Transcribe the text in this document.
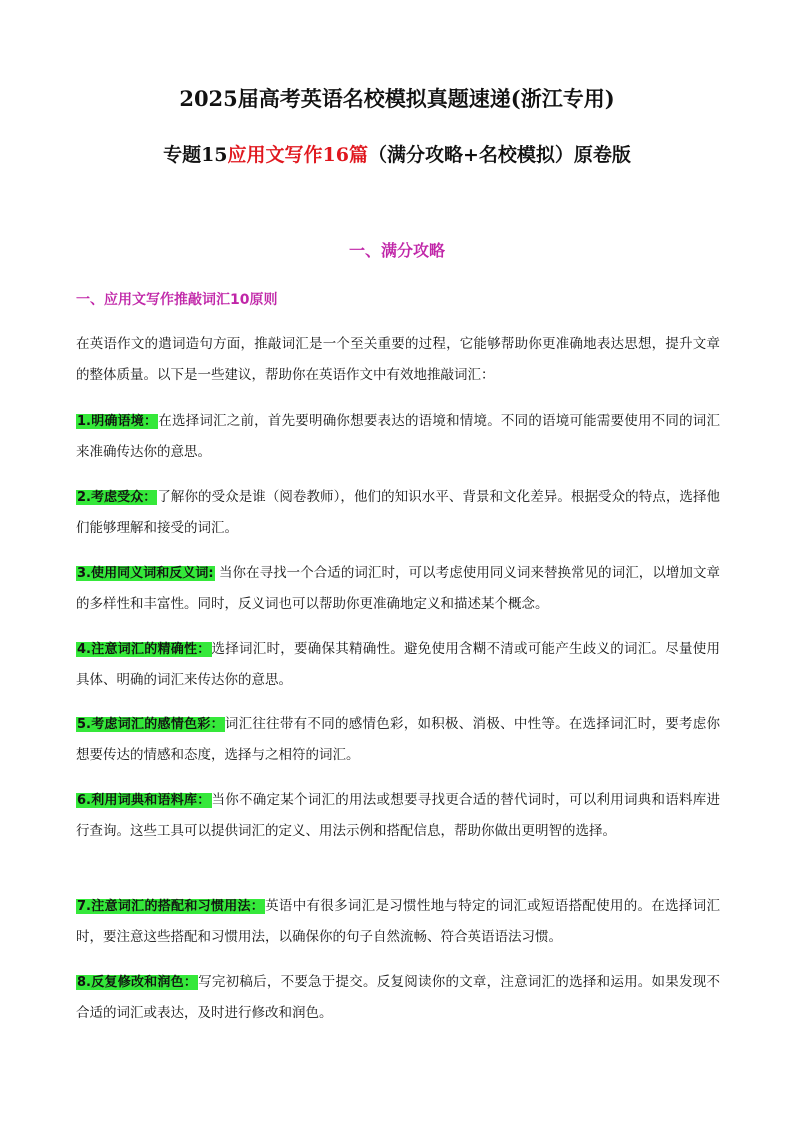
2025届高考英语名校模拟真题速递(浙江专用)
专题15应用文写作16篇（满分攻略+名校模拟）原卷版
一、满分攻略
一、应用文写作推敲词汇10原则
在英语作文的遣词造句方面，推敲词汇是一个至关重要的过程，它能够帮助你更准确地表达思想，提升文章的整体质量。以下是一些建议，帮助你在英语作文中有效地推敲词汇：
1.明确语境：在选择词汇之前，首先要明确你想要表达的语境和情境。不同的语境可能需要使用不同的词汇来准确传达你的意思。
2.考虑受众：了解你的受众是谁（阅卷教师），他们的知识水平、背景和文化差异。根据受众的特点，选择他们能够理解和接受的词汇。
3.使用同义词和反义词: 当你在寻找一个合适的词汇时，可以考虑使用同义词来替换常见的词汇，以增加文章的多样性和丰富性。同时，反义词也可以帮助你更准确地定义和描述某个概念。
4.注意词汇的精确性：选择词汇时，要确保其精确性。避免使用含糊不清或可能产生歧义的词汇。尽量使用具体、明确的词汇来传达你的意思。
5.考虑词汇的感情色彩：词汇往往带有不同的感情色彩，如积极、消极、中性等。在选择词汇时，要考虑你想要传达的情感和态度，选择与之相符的词汇。
6.利用词典和语料库：当你不确定某个词汇的用法或想要寻找更合适的替代词时，可以利用词典和语料库进行查询。这些工具可以提供词汇的定义、用法示例和搭配信息，帮助你做出更明智的选择。
7.注意词汇的搭配和习惯用法：英语中有很多词汇是习惯性地与特定的词汇或短语搭配使用的。在选择词汇时，要注意这些搭配和习惯用法，以确保你的句子自然流畅、符合英语语法习惯。
8.反复修改和润色：写完初稿后，不要急于提交。反复阅读你的文章，注意词汇的选择和运用。如果发现不合适的词汇或表达，及时进行修改和润色。
